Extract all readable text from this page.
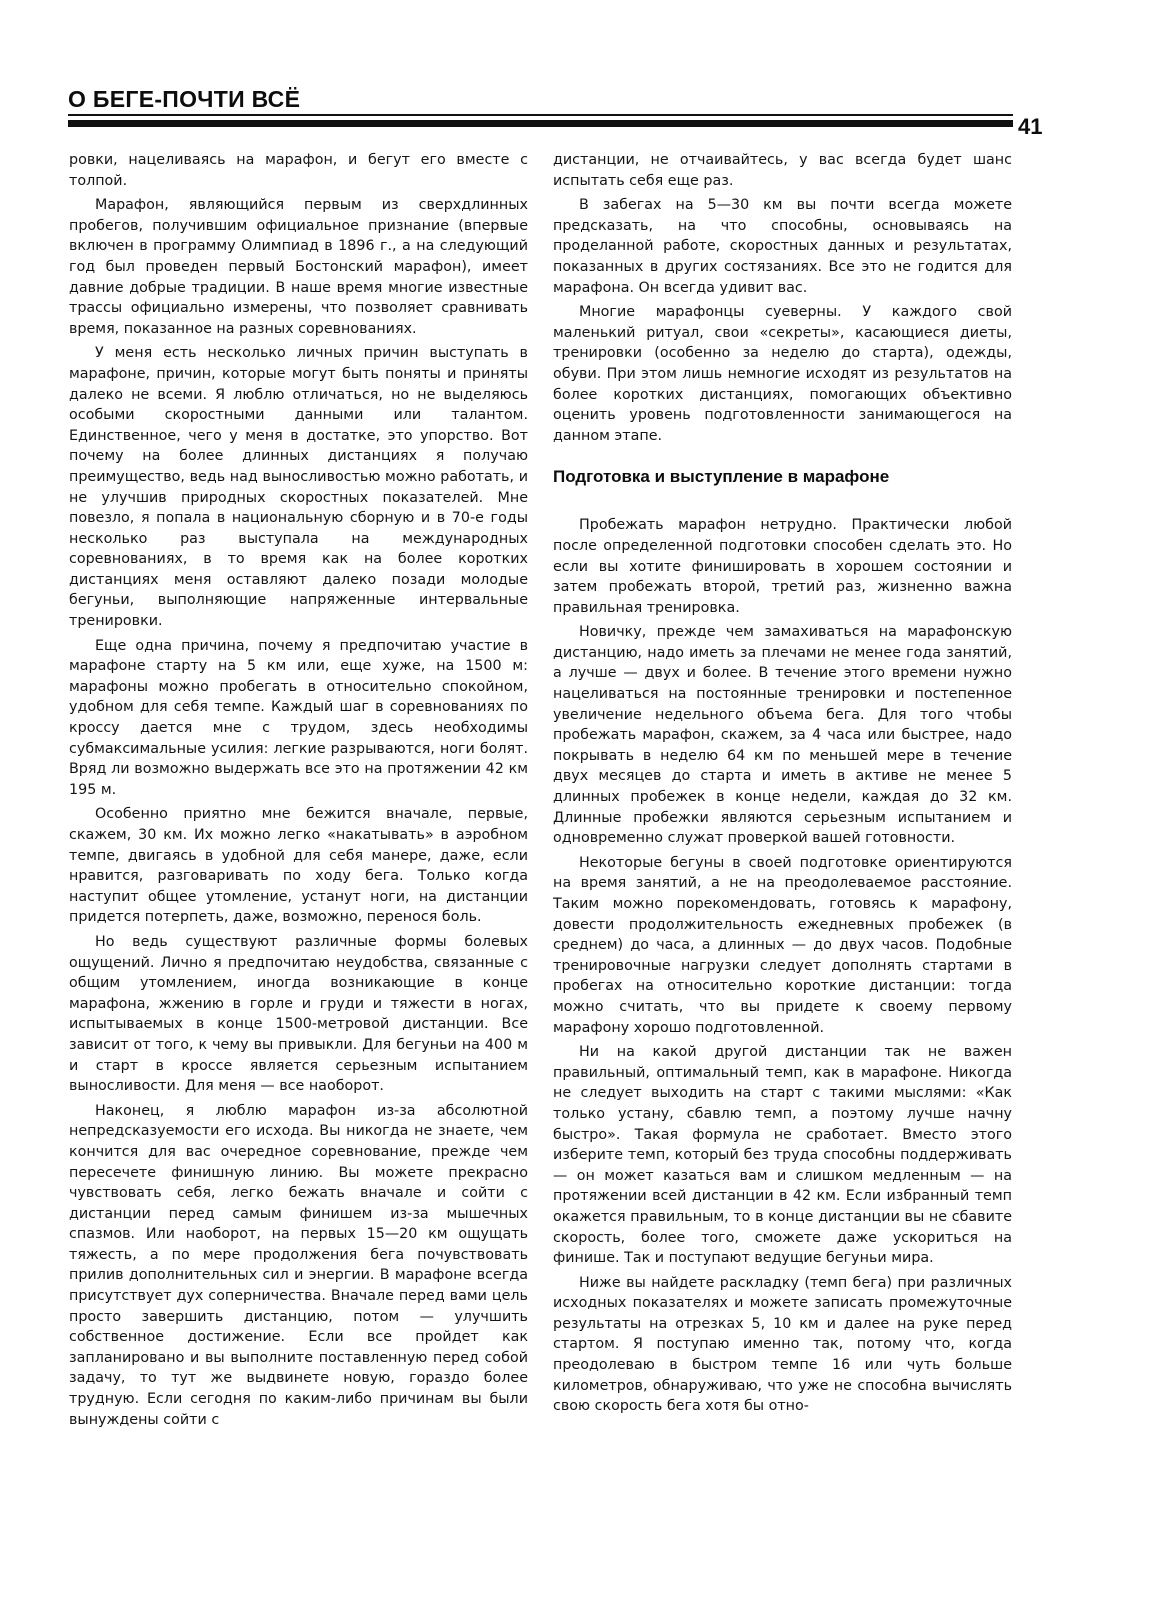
О БЕГЕ-ПОЧТИ ВСЁ
41

ровки, нацеливаясь на марафон, и бегут его вместе с толпой.

Марафон, являющийся первым из сверхдлинных пробегов, получившим официальное признание (впервые включен в программу Олимпиад в 1896 г., а на следующий год был проведен первый Бостонский марафон), имеет давние добрые традиции. В наше время многие известные трассы официально измерены, что позволяет сравнивать время, показанное на разных соревнованиях.

У меня есть несколько личных причин выступать в марафоне, причин, которые могут быть поняты и приняты далеко не всеми. Я люблю отличаться, но не выделяюсь особыми скоростными данными или талантом. Единственное, чего у меня в достатке, это упорство. Вот почему на более длинных дистанциях я получаю преимущество, ведь над выносливостью можно работать, и не улучшив природных скоростных показателей. Мне повезло, я попала в национальную сборную и в 70-е годы несколько раз выступала на международных соревнованиях, в то время как на более коротких дистанциях меня оставляют далеко позади молодые бегуньи, выполняющие напряженные интервальные тренировки.

Еще одна причина, почему я предпочитаю участие в марафоне старту на 5 км или, еще хуже, на 1500 м: марафоны можно пробегать в относительно спокойном, удобном для себя темпе. Каждый шаг в соревнованиях по кроссу дается мне с трудом, здесь необходимы субмаксимальные усилия: легкие разрываются, ноги болят. Вряд ли возможно выдержать все это на протяжении 42 км 195 м.

Особенно приятно мне бежится вначале, первые, скажем, 30 км. Их можно легко «накатывать» в аэробном темпе, двигаясь в удобной для себя манере, даже, если нравится, разговаривать по ходу бега. Только когда наступит общее утомление, устанут ноги, на дистанции придется потерпеть, даже, возможно, перенося боль.

Но ведь существуют различные формы болевых ощущений. Лично я предпочитаю неудобства, связанные с общим утомлением, иногда возникающие в конце марафона, жжению в горле и груди и тяжести в ногах, испытываемых в конце 1500-метровой дистанции. Все зависит от того, к чему вы привыкли. Для бегуньи на 400 м и старт в кроссе является серьезным испытанием выносливости. Для меня — все наоборот.

Наконец, я люблю марафон из-за абсолютной непредсказуемости его исхода. Вы никогда не знаете, чем кончится для вас очередное соревнование, прежде чем пересечете финишную линию. Вы можете прекрасно чувствовать себя, легко бежать вначале и сойти с дистанции перед самым финишем из-за мышечных спазмов. Или наоборот, на первых 15—20 км ощущать тяжесть, а по мере продолжения бега почувствовать прилив дополнительных сил и энергии. В марафоне всегда присутствует дух соперничества. Вначале перед вами цель просто завершить дистанцию, потом — улучшить собственное достижение. Если все пройдет как запланировано и вы выполните поставленную перед собой задачу, то тут же выдвинете новую, гораздо более трудную. Если сегодня по каким-либо причинам вы были вынуждены сойти с

дистанции, не отчаивайтесь, у вас всегда будет шанс испытать себя еще раз.

В забегах на 5—30 км вы почти всегда можете предсказать, на что способны, основываясь на проделанной работе, скоростных данных и результатах, показанных в других состязаниях. Все это не годится для марафона. Он всегда удивит вас.

Многие марафонцы суеверны. У каждого свой маленький ритуал, свои «секреты», касающиеся диеты, тренировки (особенно за неделю до старта), одежды, обуви. При этом лишь немногие исходят из результатов на более коротких дистанциях, помогающих объективно оценить уровень подготовленности занимающегося на данном этапе.

Подготовка и выступление в марафоне

Пробежать марафон нетрудно. Практически любой после определенной подготовки способен сделать это. Но если вы хотите финишировать в хорошем состоянии и затем пробежать второй, третий раз, жизненно важна правильная тренировка.

Новичку, прежде чем замахиваться на марафонскую дистанцию, надо иметь за плечами не менее года занятий, а лучше — двух и более. В течение этого времени нужно нацеливаться на постоянные тренировки и постепенное увеличение недельного объема бега. Для того чтобы пробежать марафон, скажем, за 4 часа или быстрее, надо покрывать в неделю 64 км по меньшей мере в течение двух месяцев до старта и иметь в активе не менее 5 длинных пробежек в конце недели, каждая до 32 км. Длинные пробежки являются серьезным испытанием и одновременно служат проверкой вашей готовности.

Некоторые бегуны в своей подготовке ориентируются на время занятий, а не на преодолеваемое расстояние. Таким можно порекомендовать, готовясь к марафону, довести продолжительность ежедневных пробежек (в среднем) до часа, а длинных — до двух часов. Подобные тренировочные нагрузки следует дополнять стартами в пробегах на относительно короткие дистанции: тогда можно считать, что вы придете к своему первому марафону хорошо подготовленной.

Ни на какой другой дистанции так не важен правильный, оптимальный темп, как в марафоне. Никогда не следует выходить на старт с такими мыслями: «Как только устану, сбавлю темп, а поэтому лучше начну быстро». Такая формула не сработает. Вместо этого изберите темп, который без труда способны поддерживать — он может казаться вам и слишком медленным — на протяжении всей дистанции в 42 км. Если избранный темп окажется правильным, то в конце дистанции вы не сбавите скорость, более того, сможете даже ускориться на финише. Так и поступают ведущие бегуньи мира.

Ниже вы найдете раскладку (темп бега) при различных исходных показателях и можете записать промежуточные результаты на отрезках 5, 10 км и далее на руке перед стартом. Я поступаю именно так, потому что, когда преодолеваю в быстром темпе 16 или чуть больше километров, обнаруживаю, что уже не способна вычислять свою скорость бега хотя бы отно-
